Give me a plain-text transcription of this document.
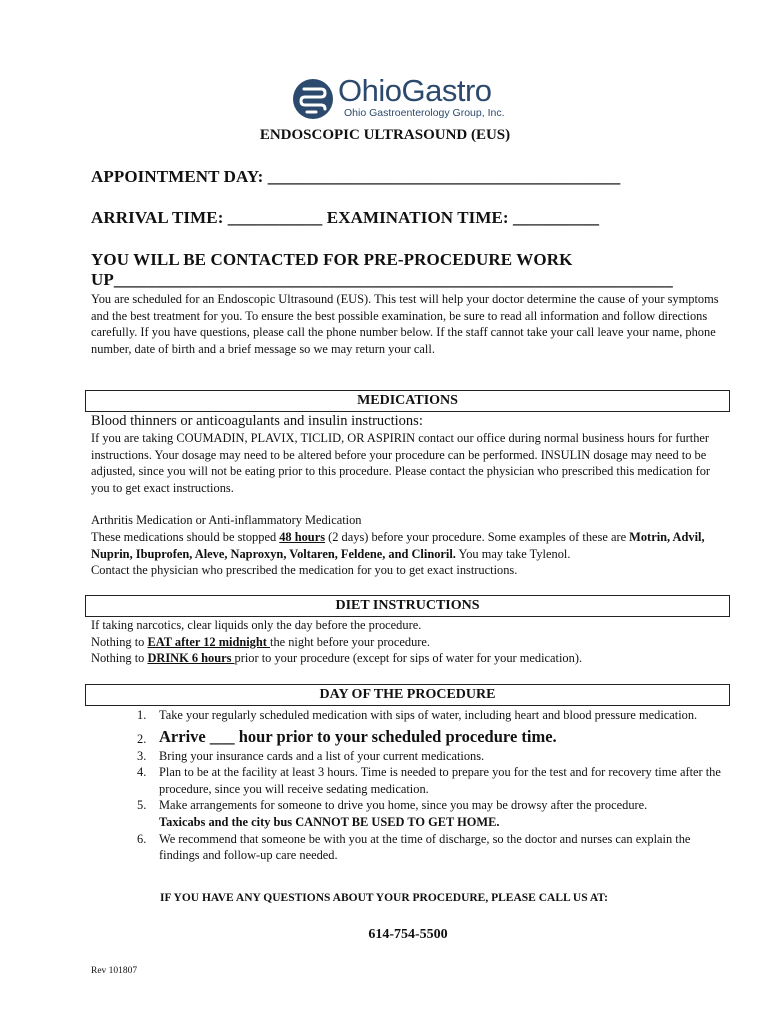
OhioGastro
Ohio Gastroenterology Group, Inc.
ENDOSCOPIC ULTRASOUND (EUS)
APPOINTMENT DAY: _________________________________________
ARRIVAL TIME: ___________ EXAMINATION TIME: __________
YOU WILL BE CONTACTED FOR PRE-PROCEDURE WORK
UP_________________________________________________________________
You are scheduled for an Endoscopic Ultrasound (EUS). This test will help your doctor determine the cause of your symptoms and the best treatment for you. To ensure the best possible examination, be sure to read all information and follow directions carefully. If you have questions, please call the phone number below. If the staff cannot take your call leave your name, phone number, date of birth and a brief message so we may return your call.
MEDICATIONS
Blood thinners or anticoagulants and insulin instructions:
If you are taking COUMADIN, PLAVIX, TICLID, OR ASPIRIN contact our office during normal business hours for further instructions. Your dosage may need to be altered before your procedure can be performed. INSULIN dosage may need to be adjusted, since you will not be eating prior to this procedure. Please contact the physician who prescribed this medication for you to get exact instructions.
Arthritis Medication or Anti-inflammatory Medication
These medications should be stopped 48 hours (2 days) before your procedure. Some examples of these are Motrin, Advil, Nuprin, Ibuprofen, Aleve, Naproxyn, Voltaren, Feldene, and Clinoril. You may take Tylenol.
Contact the physician who prescribed the medication for you to get exact instructions.
DIET INSTRUCTIONS
If taking narcotics, clear liquids only the day before the procedure.
Nothing to EAT after 12 midnight the night before your procedure.
Nothing to DRINK 6 hours prior to your procedure (except for sips of water for your medication).
DAY OF THE PROCEDURE
1. Take your regularly scheduled medication with sips of water, including heart and blood pressure medication.
2. Arrive ___ hour prior to your scheduled procedure time.
3. Bring your insurance cards and a list of your current medications.
4. Plan to be at the facility at least 3 hours. Time is needed to prepare you for the test and for recovery time after the procedure, since you will receive sedating medication.
5. Make arrangements for someone to drive you home, since you may be drowsy after the procedure.
Taxicabs and the city bus CANNOT BE USED TO GET HOME.
6. We recommend that someone be with you at the time of discharge, so the doctor and nurses can explain the findings and follow-up care needed.
IF YOU HAVE ANY QUESTIONS ABOUT YOUR PROCEDURE, PLEASE CALL US AT:
614-754-5500
Rev 101807
